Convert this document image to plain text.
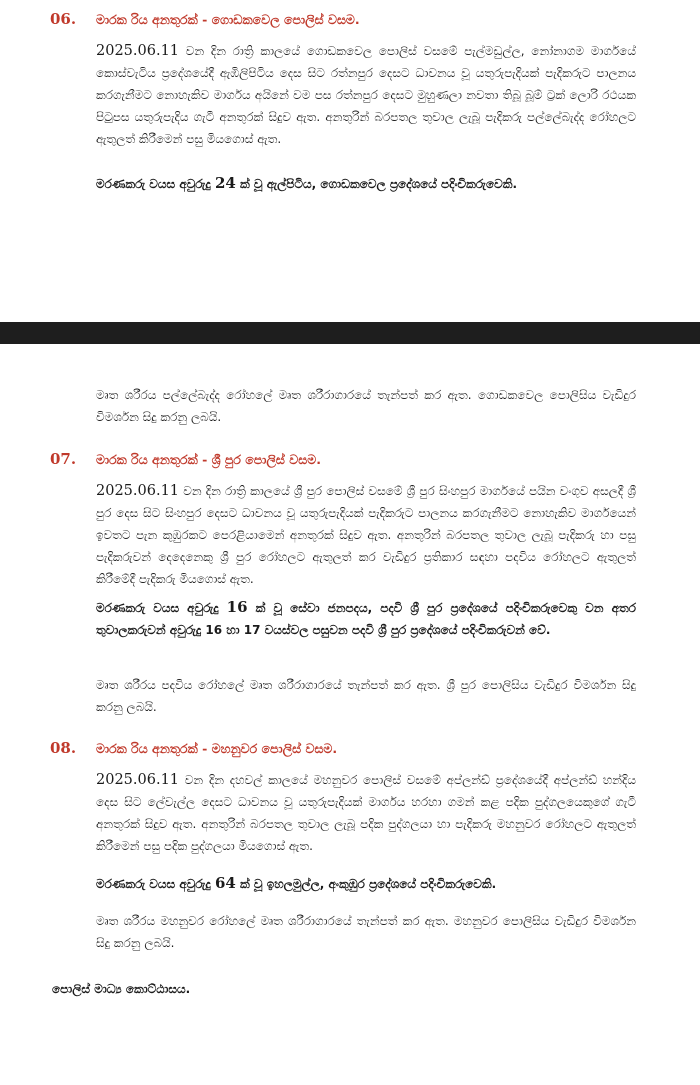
06.	මාරක රිය අනතුරක් - ගොඩකවෙල පොලිස් වසම.

2025.06.11 වන දින රාත්‍රි කාලයේ ගොඩකවෙල පොලිස් වසමේ පැල්මඩුල්ල, නෝනාගම මාර්ගයේ කොස්වැටිය ප්‍රදේශයේදී ඇඹිලිපිටිය දෙස සිට රත්නපුර දෙසට ධාවනය වූ යතුරුපැදියක් පැදිකරුට පාලනය කරගැනීමට නොහැකිව මාර්ගය අයිනේ වම පස රත්නපුර දෙසට මුහුණලා නවතා තිබූ බූම් ට්‍රක් ලොරි රථයක පිටුපස යතුරුපැදිය ගැටී අනතුරක් සිදුව ඇත. අනතුරින් බරපතල තුවාල ලැබූ පැදිකරු පල්ලේබැද්ද රෝහලට ඇතුලත් කිරීමෙන් පසු මියගොස් ඇත.

මරණකරු වයස අවුරුදු 24 ක් වූ ඇල්පිටිය, ගොඩකවෙල ප්‍රදේශයේ පදිංචිකරුවෙකි.

මෘත ශරීරය පල්ලේබැද්ද රෝහලේ මෘත ශරීරාගාරයේ තැන්පත් කර ඇත. ගොඩකවෙල පොලිසිය වැඩිදුර විමර්ශන සිදු කරනු ලබයි.

07.	මාරක රිය අනතුරක් - ශ්‍රී පුර පොලිස් වසම.

2025.06.11 වන දින රාත්‍රි කාලයේ ශ්‍රී පුර පොලිස් වසමේ ශ්‍රී පුර සිංහපුර මාර්ගයේ පයින වංගුව අසලදී ශ්‍රී පුර දෙස සිට සිංහපුර දෙසට ධාවනය වූ යතුරුපැදියක් පැදිකරුට පාලනය කරගැනීමට නොහැකිව මාර්ගයෙන් ඉවතට පැන කුඹුරකට පෙරළියාමෙන් අනතුරක් සිදුව ඇත. අනතුරින් බරපතල තුවාල ලැබූ පැදිකරු හා පසු පැදිකරුවන් දෙදෙනෙකු ශ්‍රී පුර රෝහලට ඇතුලත් කර වැඩිදුර ප්‍රතිකාර සඳහා පදවිය රෝහලට ඇතුලත් කිරීමේදී පැදිකරු මියගොස් ඇත.

මරණකරු වයස අවුරුදු 16 ක් වූ සේවා ජනපදය, පදවි ශ්‍රී පුර ප්‍රදේශයේ පදිංචිකරුවෙකු වන අතර තුවාලකරුවන් අවුරුදු 16 හා 17 වයස්වල පසුවන පදවි ශ්‍රී පුර ප්‍රදේශයේ පදිංචිකරුවන් වේ.

මෘත ශරීරය පදවිය රෝහලේ මෘත ශරීරාගාරයේ තැන්පත් කර ඇත. ශ්‍රී පුර පොලිසිය වැඩිදුර විමර්ශන සිදු කරනු ලබයි.

08.	මාරක රිය අනතුරක් - මහනුවර පොලිස් වසම.

2025.06.11 වන දින දහවල් කාලයේ මහනුවර පොලිස් වසමේ අප්ලන්ඩ් ප්‍රදේශයේදී අප්ලන්ඩ් හන්දිය දෙස සිට ලේවැල්ල දෙසට ධාවනය වූ යතුරුපැදියක් මාර්ගය හරහා ගමන් කළ පදික පුද්ගලයෙකුගේ ගැටී අනතුරක් සිදුව ඇත. අනතුරින් බරපතල තුවාල ලැබූ පදික පුද්ගලයා හා පැදිකරු මහනුවර රෝහලට ඇතුලත් කිරීමෙන් පසු පදික පුද්ගලයා මියගොස් ඇත.

මරණකරු වයස අවුරුදු 64 ක් වූ ඉහලමුල්ල, අංකුඹුර ප්‍රදේශයේ පදිංචිකරුවෙකි.

මෘත ශරීරය මහනුවර රෝහලේ මෘත ශරීරාගාරයේ තැන්පත් කර ඇත. මහනුවර පොලිසිය වැඩිදුර විමර්ශන සිදු කරනු ලබයි.

පොලිස් මාධ්‍ය කොට්ඨාසය.
